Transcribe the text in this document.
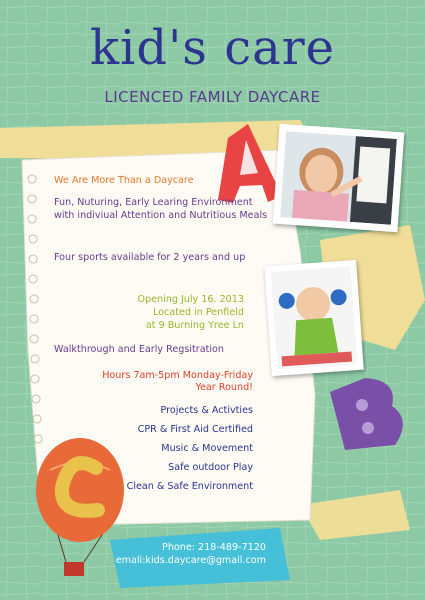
kid's care
LICENCED FAMILY DAYCARE
We Are More Than a Daycare
Fun, Nuturing, Early Learing Environment with indiviual Attention and Nutritious Meals
Four sports available for 2 years and up
Opening July 16. 2013
Located in Penfield
at 9 Burning Yree Ln
Walkthrough and Early Regsitration
Hours 7am-5pm Monday-Friday
Year Round!
Projects & Activties
CPR & First Aid Certified
Music & Movement
Safe outdoor Play
Clean & Safe Environment
Phone: 218-489-7120
emali:kids.daycare@gmail.com
